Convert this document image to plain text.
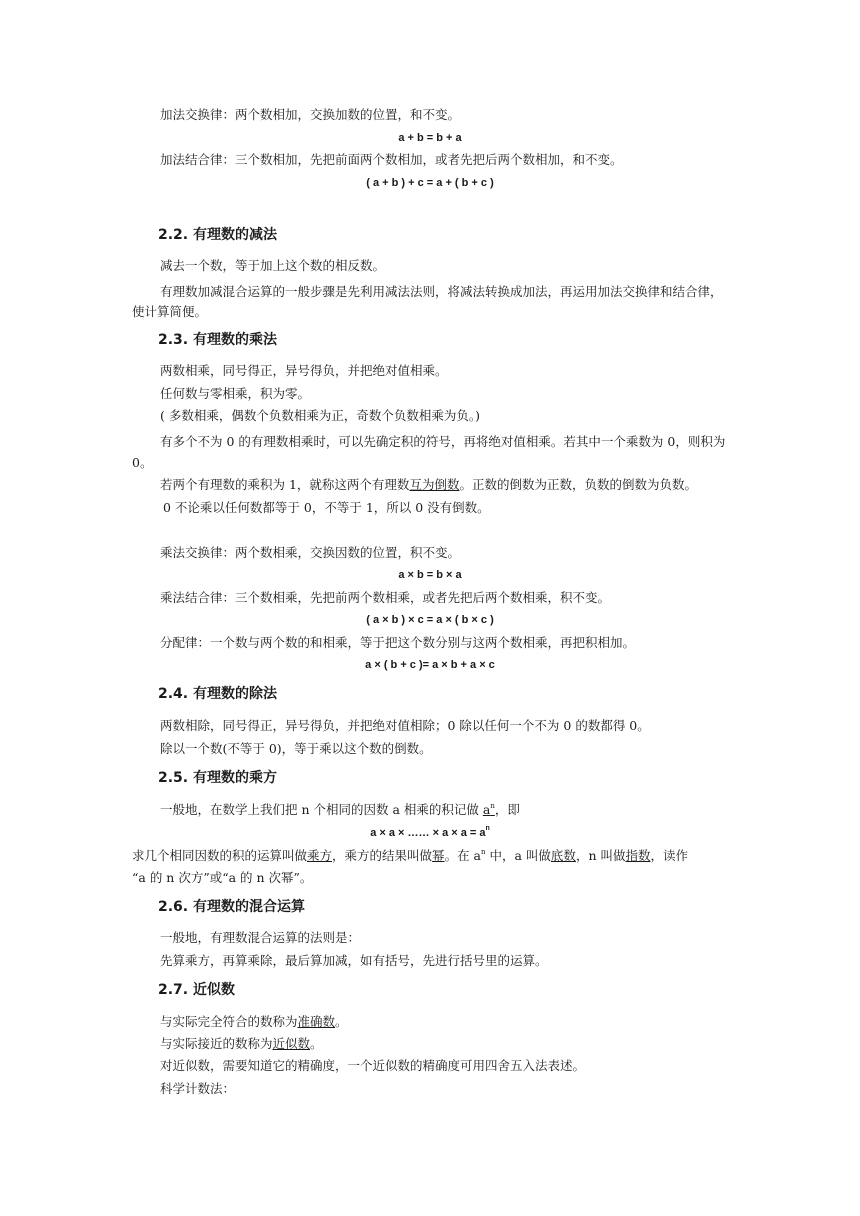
加法交换律：两个数相加，交换加数的位置，和不变。
a + b = b + a
加法结合律：三个数相加，先把前面两个数相加，或者先把后两个数相加，和不变。
( a + b ) + c = a + ( b + c )
2.2. 有理数的减法
减去一个数，等于加上这个数的相反数。
有理数加减混合运算的一般步骤是先利用减法法则，将减法转换成加法，再运用加法交换律和结合律，使计算简便。
2.3. 有理数的乘法
两数相乘，同号得正，异号得负，并把绝对值相乘。
任何数与零相乘，积为零。
( 多数相乘，偶数个负数相乘为正，奇数个负数相乘为负。)
有多个不为 0 的有理数相乘时，可以先确定积的符号，再将绝对值相乘。若其中一个乘数为 0，则积为 0。
若两个有理数的乘积为 1，就称这两个有理数互为倒数。正数的倒数为正数，负数的倒数为负数。
0 不论乘以任何数都等于 0，不等于 1，所以 0 没有倒数。
乘法交换律：两个数相乘，交换因数的位置，积不变。
a × b = b × a
乘法结合律：三个数相乘，先把前两个数相乘，或者先把后两个数相乘，积不变。
( a × b ) × c = a × ( b × c )
分配律：一个数与两个数的和相乘，等于把这个数分别与这两个数相乘，再把积相加。
a × ( b + c )= a × b + a × c
2.4. 有理数的除法
两数相除，同号得正，异号得负，并把绝对值相除；0 除以任何一个不为 0 的数都得 0。
除以一个数(不等于 0)，等于乘以这个数的倒数。
2.5. 有理数的乘方
一般地，在数学上我们把 n 个相同的因数 a 相乘的积记做 $a^n$，即
a × a × …… × $a \times a = a^n$
求几个相同因数的积的运算叫做乘方，乘方的结果叫做幂。在 $a^n$ 中，a 叫做底数，n 叫做指数，读作
“a 的 n 次方”或“a 的 n 次幂”。
2.6. 有理数的混合运算
一般地，有理数混合运算的法则是：
先算乘方，再算乘除，最后算加减，如有括号，先进行括号里的运算。
2.7. 近似数
与实际完全符合的数称为准确数。
与实际接近的数称为近似数。
对近似数，需要知道它的精确度，一个近似数的精确度可用四舍五入法表述。
科学计数法：
